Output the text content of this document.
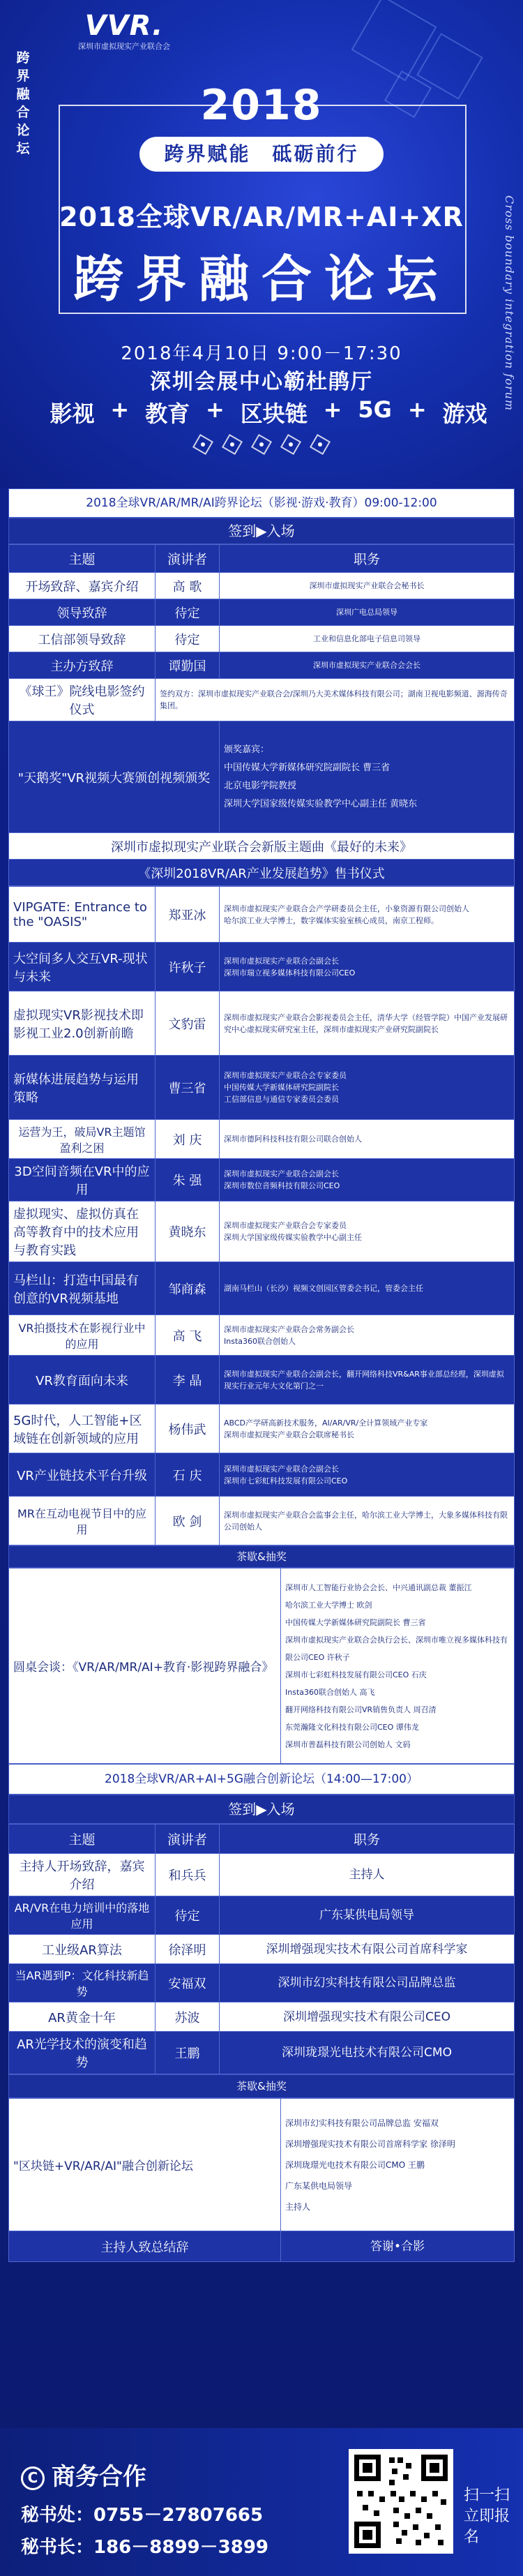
VVR.
深圳市虚拟现实产业联合会
跨界融合论坛
2018
跨界赋能　砥砺前行
2018全球VR/AR/MR+AI+XR
跨界融合论坛	Cross boundary integration forum
2018年4月10日 9:00－17:30
深圳会展中心簕杜鹃厅
影视 + 教育 + 区块链 + 5G + 游戏
2018全球VR/AR/MR/AI跨界论坛（影视·游戏·教育）09:00-12:00
签到▶入场
主题	演讲者	职务
开场致辞、嘉宾介绍	高 歌	深圳市虚拟现实产业联合会秘书长
领导致辞	待定	深圳广电总局领导
工信部领导致辞	待定	工业和信息化部电子信息司领导
主办方致辞	谭勤国	深圳市虚拟现实产业联合会会长
《球王》院线电影签约仪式	签约双方：深圳市虚拟现实产业联合会/深圳乃大美术媒体科技有限公司；湖南卫视电影频道、源海传奇集团。	
"天鹅奖"VR视频大赛颁创视频颁奖		颁奖嘉宾：
中国传媒大学新媒体研究院副院长 曹三省
北京电影学院教授
深圳大学国家级传媒实验教学中心副主任 黄晓东
深圳市虚拟现实产业联合会新版主题曲《最好的未来》		
《深圳2018VR/AR产业发展趋势》售书仪式		
VIPGATE: Entrance to the "OASIS"	郑亚冰	深圳市虚拟现实产业联合会产学研委员会主任，小象资源有限公司创始人
哈尔滨工业大学博士，数字媒体实验室核心成员，南京工程师。
大空间多人交互VR-现状与未来	许秋子	深圳市虚拟现实产业联合会副会长
深圳市瑞立视多媒体科技有限公司CEO
虚拟现实VR影视技术即影视工业2.0创新前瞻	文豹雷	深圳市虚拟现实产业联合会影视委员会主任，清华大学（经管学院）中国产业发展研究中心虚拟现实研究室主任，深圳市虚拟现实产业研究院副院长
新媒体进展趋势与运用策略	曹三省	深圳市虚拟现实产业联合会专家委员
中国传媒大学新媒体研究院副院长
工信部信息与通信专家委员会委员
运营为王，破局VR主题馆盈利之困	刘 庆	深圳市德阿科技科技有限公司联合创始人
3D空间音频在VR中的应用	朱 强	深圳市虚拟现实产业联合会副会长
深圳市数位音频科技有限公司CEO
虚拟现实、虚拟仿真在高等教育中的技术应用与教育实践	黄晓东	深圳市虚拟现实产业联合会专家委员
深圳大学国家级传媒实验教学中心副主任
马栏山：打造中国最有创意的VR视频基地	邹商森	湖南马栏山（长沙）视频文创园区管委会书记，管委会主任
VR拍摄技术在影视行业中的应用	高 飞	深圳市虚拟现实产业联合会常务副会长
Insta360联合创始人
VR教育面向未来	李 晶	深圳市虚拟现实产业联合会副会长，翻开网络科技VR&AR事业部总经理，深圳虚拟现实行业元年大文化第门之一
5G时代，人工智能+区域链在创新领域的应用	杨伟武	ABCD产学研高新技术服务，AI/AR/VR/全计算领域产业专家
深圳市虚拟现实产业联合会联席秘书长
VR产业链技术平台升级	石 庆	深圳市虚拟现实产业联合会副会长
深圳市七彩虹科技发展有限公司CEO
MR在互动电视节目中的应用	欧 剑	深圳市虚拟现实产业联合会监事会主任，哈尔滨工业大学博士，大象多媒体科技有限公司创始人
茶歇&抽奖
圆桌会谈：《VR/AR/MR/AI+教育·影视跨界融合》	深圳市人工智能行业协会会长、中兴通讯副总裁 董振江
哈尔滨工业大学博士 欧剑
中国传媒大学新媒体研究院副院长 曹三省
深圳市虚拟现实产业联合会执行会长、深圳市唯立视多媒体科技有限公司CEO 许秋子
深圳市七彩虹科技发展有限公司CEO 石庆
Insta360联合创始人 高飞
翻开网络科技有限公司VR销售负责人 周召清
东莞瀚隆文化科技有限公司CEO 谭伟龙
深圳市普磊科技有限公司创始人 文码
2018全球VR/AR+AI+5G融合创新论坛（14:00—17:00）
签到▶入场
主题	演讲者	职务
主持人开场致辞，嘉宾介绍	和兵兵	主持人
AR/VR在电力培训中的落地应用	待定	广东某供电局领导
工业级AR算法	徐泽明	深圳增强现实技术有限公司首席科学家
当AR遇到P：文化科技新趋势	安福双	深圳市幻实科技有限公司品牌总监
AR黄金十年	苏波	深圳增强现实技术有限公司CEO
AR光学技术的演变和趋势	王鹏	深圳珑璟光电技术有限公司CMO
茶歇&抽奖
"区块链+VR/AR/AI"融合创新论坛	深圳市幻实科技有限公司品牌总监 安福双
深圳增强现实技术有限公司首席科学家 徐泽明
深圳珑璟光电技术有限公司CMO 王鹏
广东某供电局领导
主持人
主持人致总结辞	答谢•合影
C 商务合作
秘书处：0755－27807665
秘书长：186－8899－3899
扫一扫
立即报名
